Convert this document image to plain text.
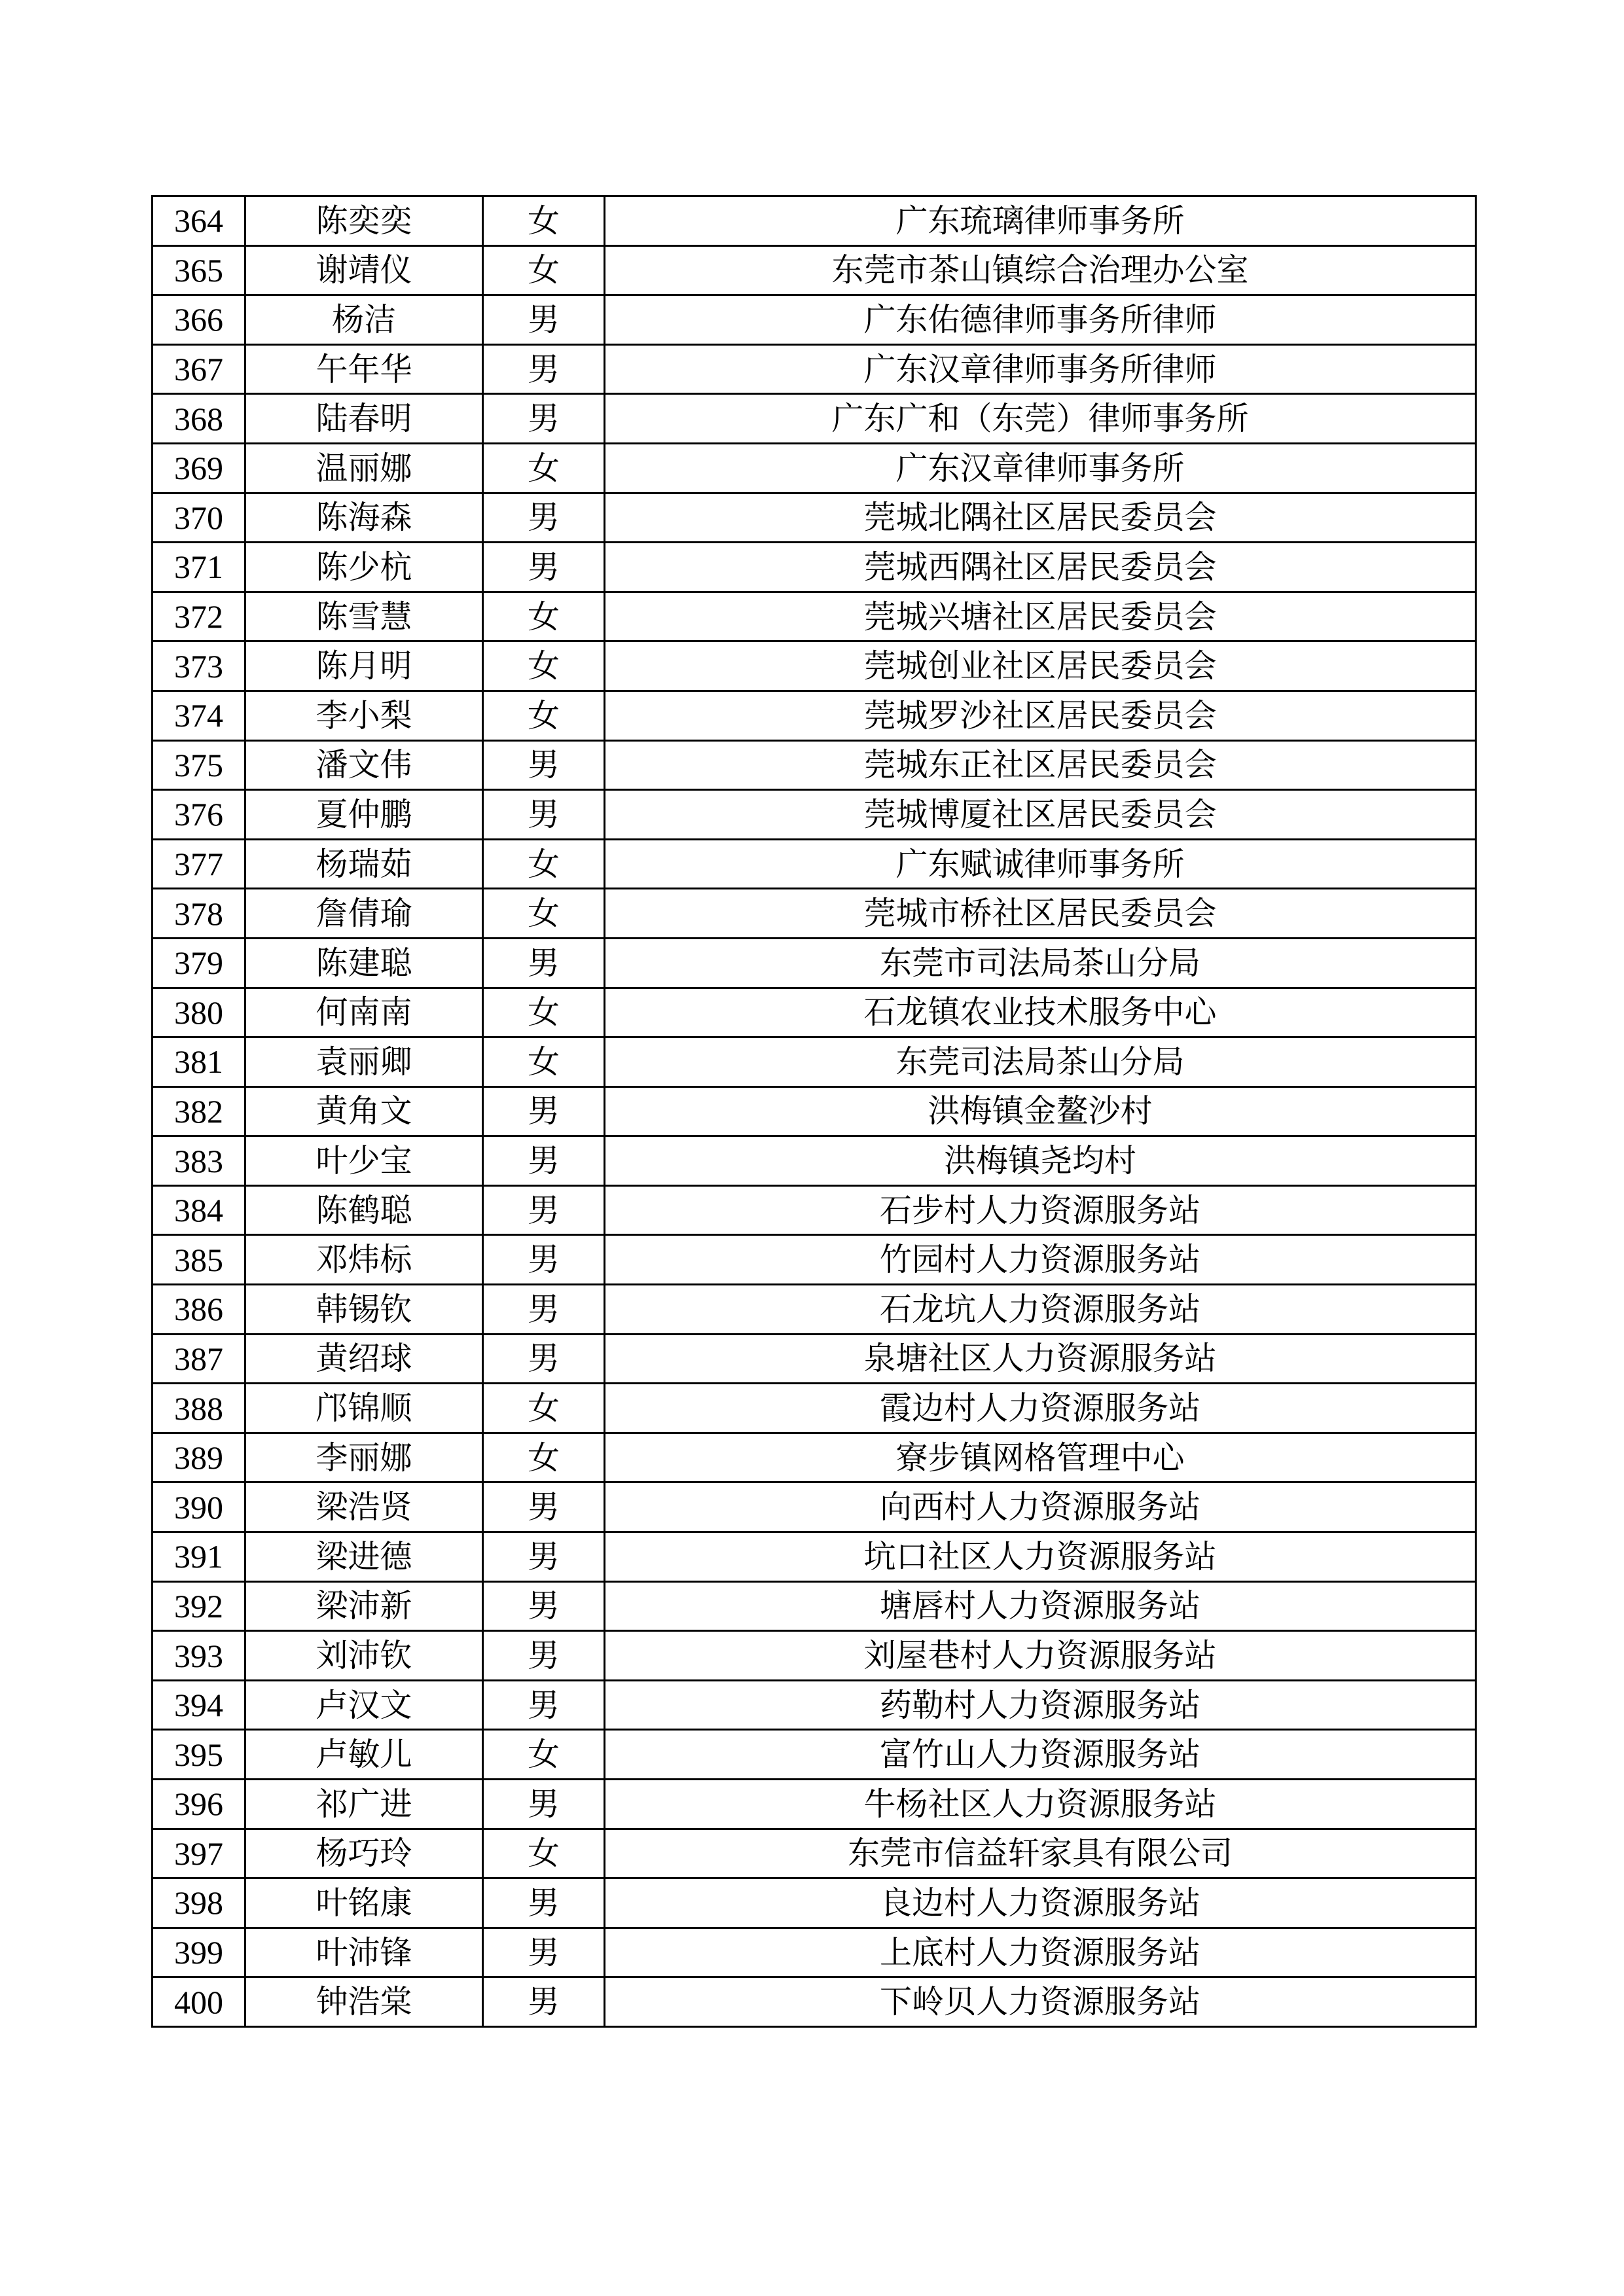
364	陈奕奕	女	广东琉璃律师事务所
365	谢靖仪	女	东莞市茶山镇综合治理办公室
366	杨洁	男	广东佑德律师事务所律师
367	午年华	男	广东汉章律师事务所律师
368	陆春明	男	广东广和（东莞）律师事务所
369	温丽娜	女	广东汉章律师事务所
370	陈海森	男	莞城北隅社区居民委员会
371	陈少杭	男	莞城西隅社区居民委员会
372	陈雪慧	女	莞城兴塘社区居民委员会
373	陈月明	女	莞城创业社区居民委员会
374	李小梨	女	莞城罗沙社区居民委员会
375	潘文伟	男	莞城东正社区居民委员会
376	夏仲鹏	男	莞城博厦社区居民委员会
377	杨瑞茹	女	广东赋诚律师事务所
378	詹倩瑜	女	莞城市桥社区居民委员会
379	陈建聪	男	东莞市司法局茶山分局
380	何南南	女	石龙镇农业技术服务中心
381	袁丽卿	女	东莞司法局茶山分局
382	黄角文	男	洪梅镇金鳌沙村
383	叶少宝	男	洪梅镇尧均村
384	陈鹤聪	男	石步村人力资源服务站
385	邓炜标	男	竹园村人力资源服务站
386	韩锡钦	男	石龙坑人力资源服务站
387	黄绍球	男	泉塘社区人力资源服务站
388	邝锦顺	女	霞边村人力资源服务站
389	李丽娜	女	寮步镇网格管理中心
390	梁浩贤	男	向西村人力资源服务站
391	梁进德	男	坑口社区人力资源服务站
392	梁沛新	男	塘唇村人力资源服务站
393	刘沛钦	男	刘屋巷村人力资源服务站
394	卢汉文	男	药勒村人力资源服务站
395	卢敏儿	女	富竹山人力资源服务站
396	祁广进	男	牛杨社区人力资源服务站
397	杨巧玲	女	东莞市信益轩家具有限公司
398	叶铭康	男	良边村人力资源服务站
399	叶沛锋	男	上底村人力资源服务站
400	钟浩棠	男	下岭贝人力资源服务站
